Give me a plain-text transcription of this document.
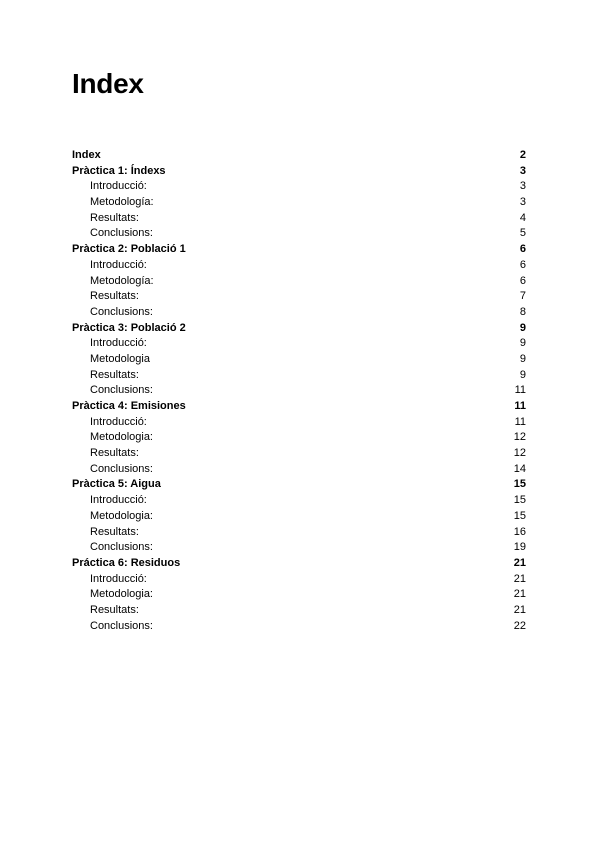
Index
Index	2
Pràctica 1: Índexs	3
Introducció:	3
Metodología:	3
Resultats:	4
Conclusions:	5
Pràctica 2: Població 1	6
Introducció:	6
Metodología:	6
Resultats:	7
Conclusions:	8
Pràctica 3: Població 2	9
Introducció:	9
Metodologia	9
Resultats:	9
Conclusions:	11
Pràctica 4: Emisiones	11
Introducció:	11
Metodologia:	12
Resultats:	12
Conclusions:	14
Pràctica 5: Aigua	15
Introducció:	15
Metodologia:	15
Resultats:	16
Conclusions:	19
Práctica 6: Residuos	21
Introducció:	21
Metodologia:	21
Resultats:	21
Conclusions:	22
